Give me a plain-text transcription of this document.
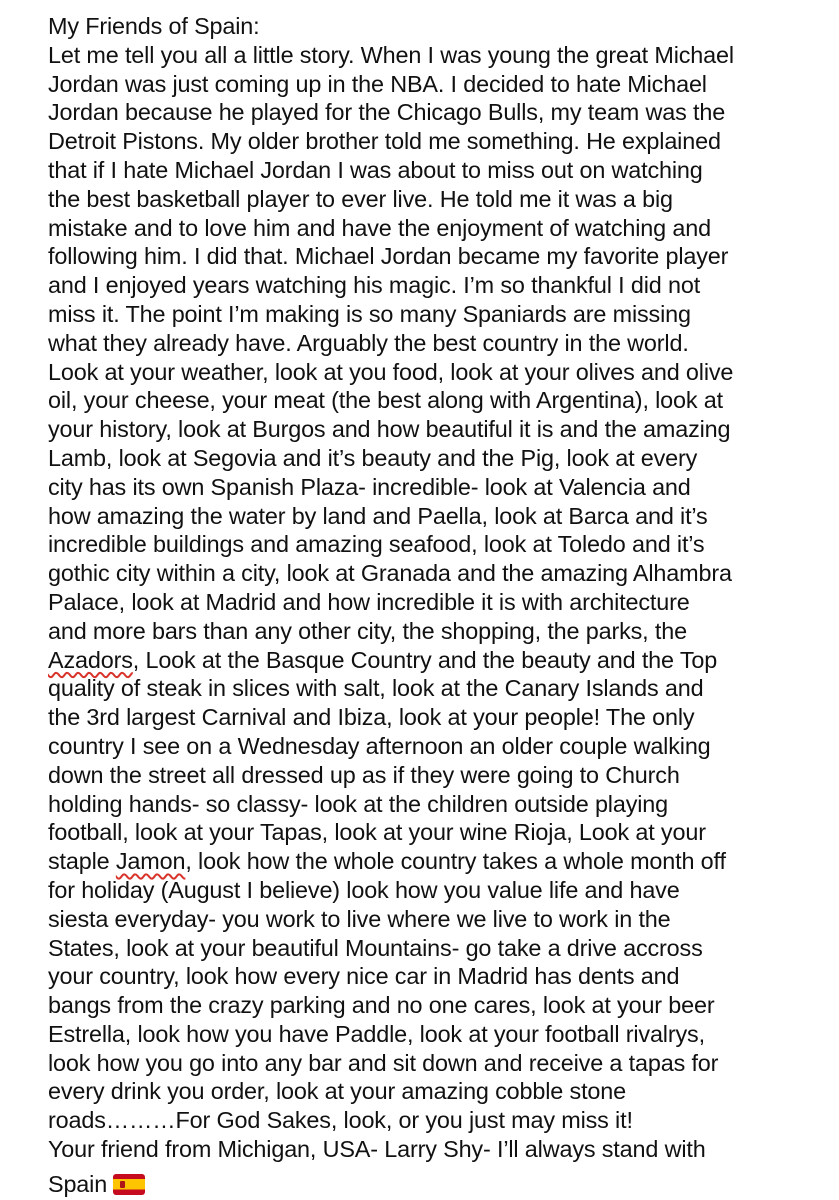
My Friends of Spain:
Let me tell you all a little story. When I was young the great Michael
Jordan was just coming up in the NBA. I decided to hate Michael
Jordan because he played for the Chicago Bulls, my team was the
Detroit Pistons. My older brother told me something. He explained
that if I hate Michael Jordan I was about to miss out on watching
the best basketball player to ever live. He told me it was a big
mistake and to love him and have the enjoyment of watching and
following him. I did that. Michael Jordan became my favorite player
and I enjoyed years watching his magic. I’m so thankful I did not
miss it. The point I’m making is so many Spaniards are missing
what they already have. Arguably the best country in the world.
Look at your weather, look at you food, look at your olives and olive
oil, your cheese, your meat (the best along with Argentina), look at
your history, look at Burgos and how beautiful it is and the amazing
Lamb, look at Segovia and it’s beauty and the Pig, look at every
city has its own Spanish Plaza- incredible- look at Valencia and
how amazing the water by land and Paella, look at Barca and it’s
incredible buildings and amazing seafood, look at Toledo and it’s
gothic city within a city, look at Granada and the amazing Alhambra
Palace, look at Madrid and how incredible it is with architecture
and more bars than any other city, the shopping, the parks, the
Azadors, Look at the Basque Country and the beauty and the Top
quality of steak in slices with salt, look at the Canary Islands and
the 3rd largest Carnival and Ibiza, look at your people! The only
country I see on a Wednesday afternoon an older couple walking
down the street all dressed up as if they were going to Church
holding hands- so classy- look at the children outside playing
football, look at your Tapas, look at your wine Rioja, Look at your
staple Jamon, look how the whole country takes a whole month off
for holiday (August I believe) look how you value life and have
siesta everyday- you work to live where we live to work in the
States, look at your beautiful Mountains- go take a drive accross
your country, look how every nice car in Madrid has dents and
bangs from the crazy parking and no one cares, look at your beer
Estrella, look how you have Paddle, look at your football rivalrys,
look how you go into any bar and sit down and receive a tapas for
every drink you order, look at your amazing cobble stone
roads………For God Sakes, look, or you just may miss it!
Your friend from Michigan, USA- Larry Shy- I’ll always stand with
Spain
